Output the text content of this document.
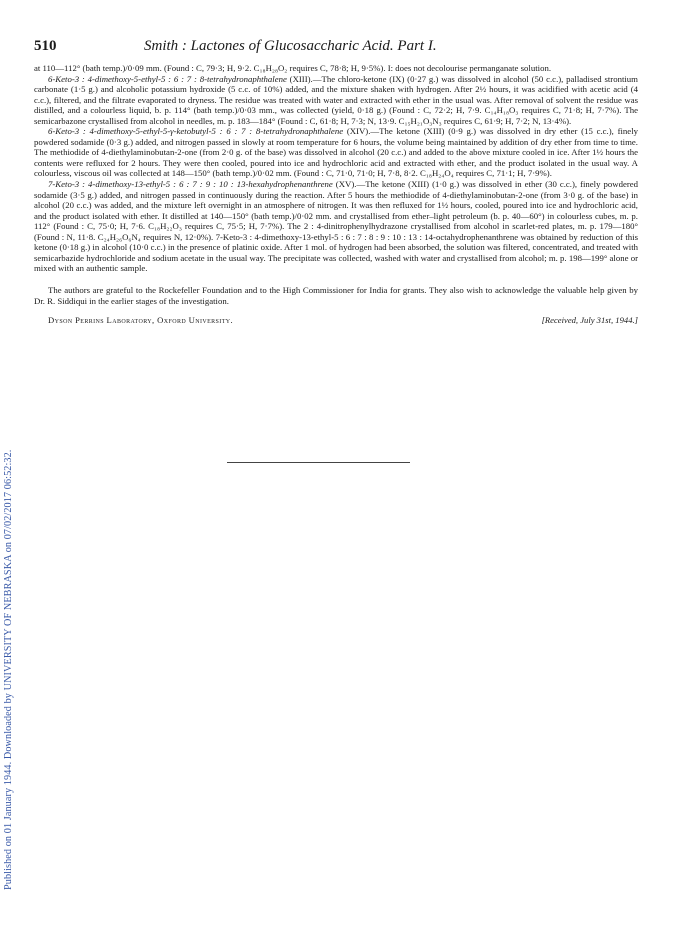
Published on 01 January 1944. Downloaded by UNIVERSITY OF NEBRASKA on 07/02/2017 06:52:32.
510	Smith : Lactones of Glucosaccharic Acid. Part I.

at 110—112° (bath temp.)/0·09 mm. (Found : C, 79·3; H, 9·2. C₁₈H₂₈O₂ requires C, 78·8; H, 9·5%). I: does not decolourise permanganate solution.

6-Keto-3 : 4-dimethoxy-5-ethyl-5 : 6 : 7 : 8-tetrahydronaphthalene (XIII).—The chloro-ketone (IX) (0·27 g.) was dissolved in alcohol (50 c.c.), palladised strontium carbonate (1·5 g.) and alcoholic potassium hydroxide (5 c.c. of 10%) added, and the mixture shaken with hydrogen. After 2½ hours, it was acidified with acetic acid (4 c.c.), filtered, and the filtrate evaporated to dryness. The residue was treated with water and extracted with ether in the usual was. After removal of solvent the residue was distilled, and a colourless liquid, b. p. 114° (bath temp.)/0·03 mm., was collected (yield, 0·18 g.) (Found : C, 72·2; H, 7·9. C₁₄H₁₈O₃ requires C, 71·8; H, 7·7%). The semicarbazone crystallised from alcohol in needles, m. p. 183—184° (Found : C, 61·8; H, 7·3; N, 13·9. C₁₅H₂₁O₃N₃ requires C, 61·9; H, 7·2; N, 13·4%).

6-Keto-3 : 4-dimethoxy-5-ethyl-5-γ-ketobutyl-5 : 6 : 7 : 8-tetrahydronaphthalene (XIV).—The ketone (XIII) (0·9 g.) was dissolved in dry ether (15 c.c.), finely powdered sodamide (0·3 g.) added, and nitrogen passed in slowly at room temperature for 6 hours, the volume being maintained by addition of dry ether from time to time. The methiodide of 4-diethylaminobutan-2-one (from 2·0 g. of the base) was dissolved in alcohol (20 c.c.) and added to the above mixture cooled in ice. After 1½ hours the contents were refluxed for 2 hours. They were then cooled, poured into ice and hydrochloric acid and extracted with ether, and the product isolated in the usual way. A colourless, viscous oil was collected at 148—150° (bath temp.)/0·02 mm. (Found : C, 71·0, 71·0; H, 7·8, 8·2. C₁₈H₂₄O₄ requires C, 71·1; H, 7·9%).

7-Keto-3 : 4-dimethoxy-13-ethyl-5 : 6 : 7 : 9 : 10 : 13-hexahydrophenanthrene (XV).—The ketone (XIII) (1·0 g.) was dissolved in ether (30 c.c.), finely powdered sodamide (3·5 g.) added, and nitrogen passed in continuously during the reaction. After 5 hours the methiodide of 4-diethylaminobutan-2-one (from 3·0 g. of the base) in alcohol (20 c.c.) was added, and the mixture left overnight in an atmosphere of nitrogen. It was then refluxed for 1½ hours, cooled, poured into ice and hydrochloric acid, and the product isolated with ether. It distilled at 140—150° (bath temp.)/0·02 mm. and crystallised from ether–light petroleum (b. p. 40—60°) in colourless cubes, m. p. 112° (Found : C, 75·0; H, 7·6. C₁₈H₂₂O₃ requires C, 75·5; H, 7·7%). The 2 : 4-dinitrophenylhydrazone crystallised from alcohol in scarlet-red plates, m. p. 179—180° (Found : N, 11·8. C₂₄H₂₆O₆N₄ requires N, 12·0%). 7-Keto-3 : 4-dimethoxy-13-ethyl-5 : 6 : 7 : 8 : 9 : 10 : 13 : 14-octahydrophenanthrene was obtained by reduction of this ketone (0·18 g.) in alcohol (10·0 c.c.) in the presence of platinic oxide. After 1 mol. of hydrogen had been absorbed, the solution was filtered, concentrated, and treated with semicarbazide hydrochloride and sodium acetate in the usual way. The precipitate was collected, washed with water and crystallised from alcohol; m. p. 198—199° alone or mixed with an authentic sample.

The authors are grateful to the Rockefeller Foundation and to the High Commissioner for India for grants. They also wish to acknowledge the valuable help given by Dr. R. Siddiqui in the earlier stages of the investigation.

Dyson Perrins Laboratory, Oxford University.	[Received, July 31st, 1944.]
